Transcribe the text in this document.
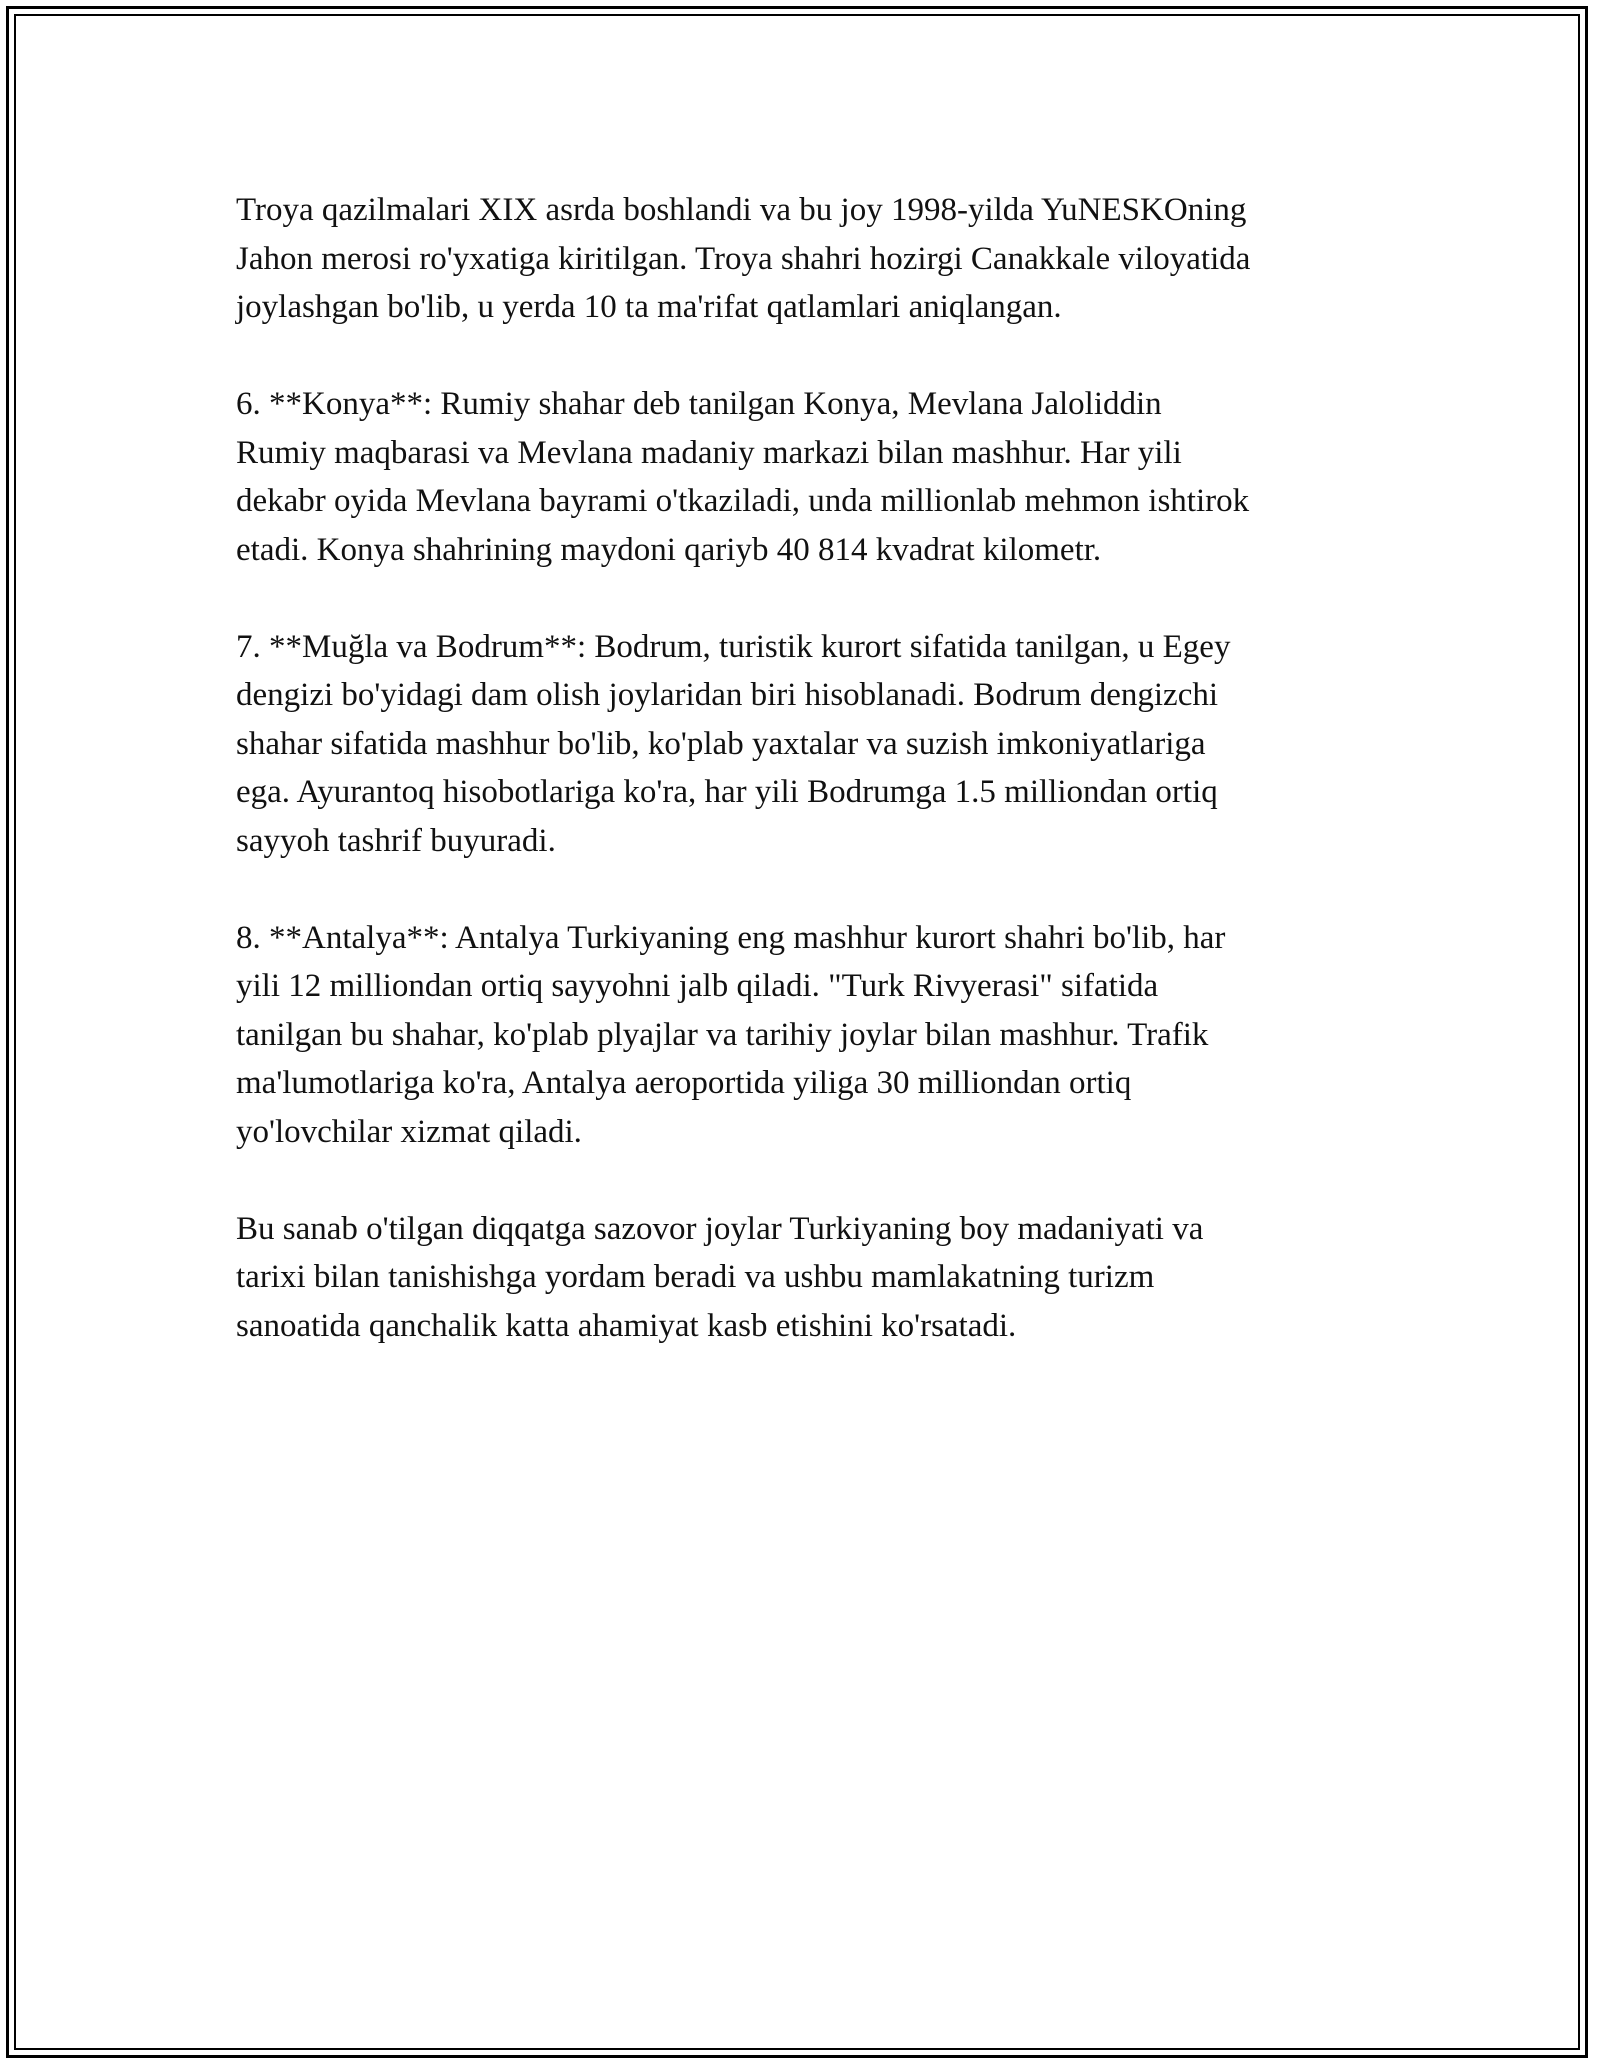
Troya qazilmalari XIX asrda boshlandi va bu joy 1998-yilda YuNESKOning
Jahon merosi ro'yxatiga kiritilgan. Troya shahri hozirgi Canakkale viloyatida
joylashgan bo'lib, u yerda 10 ta ma'rifat qatlamlari aniqlangan.

6. **Konya**: Rumiy shahar deb tanilgan Konya, Mevlana Jaloliddin
Rumiy maqbarasi va Mevlana madaniy markazi bilan mashhur. Har yili
dekabr oyida Mevlana bayrami o'tkaziladi, unda millionlab mehmon ishtirok
etadi. Konya shahrining maydoni qariyb 40 814 kvadrat kilometr.

7. **Muğla va Bodrum**: Bodrum, turistik kurort sifatida tanilgan, u Egey
dengizi bo'yidagi dam olish joylaridan biri hisoblanadi. Bodrum dengizchi
shahar sifatida mashhur bo'lib, ko'plab yaxtalar va suzish imkoniyatlariga
ega. Ayurantoq hisobotlariga ko'ra, har yili Bodrumga 1.5 milliondan ortiq
sayyoh tashrif buyuradi.

8. **Antalya**: Antalya Turkiyaning eng mashhur kurort shahri bo'lib, har
yili 12 milliondan ortiq sayyohni jalb qiladi. "Turk Rivyerasi" sifatida
tanilgan bu shahar, ko'plab plyajlar va tarihiy joylar bilan mashhur. Trafik
ma'lumotlariga ko'ra, Antalya aeroportida yiliga 30 milliondan ortiq
yo'lovchilar xizmat qiladi.

Bu sanab o'tilgan diqqatga sazovor joylar Turkiyaning boy madaniyati va
tarixi bilan tanishishga yordam beradi va ushbu mamlakatning turizm
sanoatida qanchalik katta ahamiyat kasb etishini ko'rsatadi.
